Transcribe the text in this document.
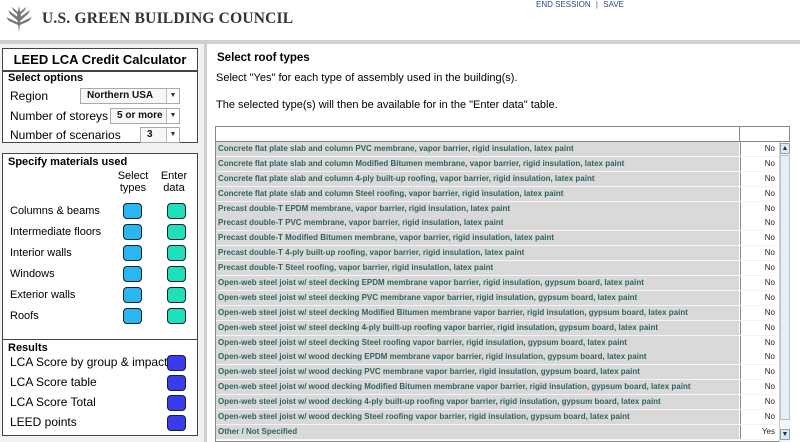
U.S. GREEN BUILDING COUNCIL
END SESSION | SAVE
LEED LCA Credit Calculator
Select options
Region	Northern USA	▼
Number of storeys 5 or more ▼
Number of scenarios	3	▼
Specify materials used
Select
types
Enter
data
Columns & beams
Intermediate floors
Interior walls
Windows
Exterior walls
Roofs
Results
LCA Score by group & impact
LCA Score table
LCA Score Total
LEED points
Select roof types
Select "Yes" for each type of assembly used in the building(s).
The selected type(s) will then be available for in the "Enter data" table.
Concrete flat plate slab and column PVC membrane, vapor barrier, rigid insulation, latex paint	No
Concrete flat plate slab and column Modified Bitumen membrane, vapor barrier, rigid insulation, latex paint	No
Concrete flat plate slab and column 4-ply built-up roofing, vapor barrier, rigid insulation, latex paint	No
Concrete flat plate slab and column Steel roofing, vapor barrier, rigid insulation, latex paint	No
Precast double-T EPDM membrane, vapor barrier, rigid insulation, latex paint	No
Precast double-T PVC membrane, vapor barrier, rigid insulation, latex paint	No
Precast double-T Modified Bitumen membrane, vapor barrier, rigid insulation, latex paint	No
Precast double-T 4-ply built-up roofing, vapor barrier, rigid insulation, latex paint	No
Precast double-T Steel roofing, vapor barrier, rigid insulation, latex paint	No
Open-web steel joist w/ steel decking EPDM membrane vapor barrier, rigid insulation, gypsum board, latex paint	No
Open-web steel joist w/ steel decking PVC membrane vapor barrier, rigid insulation, gypsum board, latex paint	No
Open-web steel joist w/ steel decking Modified Bitumen membrane vapor barrier, rigid insulation, gypsum board, latex paint	No
Open-web steel joist w/ steel decking 4-ply built-up roofing vapor barrier, rigid insulation, gypsum board, latex paint	No
Open-web steel joist w/ steel decking Steel roofing vapor barrier, rigid insulation, gypsum board, latex paint	No
Open-web steel joist w/ wood decking EPDM membrane vapor barrier, rigid insulation, gypsum board, latex paint	No
Open-web steel joist w/ wood decking PVC membrane vapor barrier, rigid insulation, gypsum board, latex paint	No
Open-web steel joist w/ wood decking Modified Bitumen membrane vapor barrier, rigid insulation, gypsum board, latex paint	No
Open-web steel joist w/ wood decking 4-ply built-up roofing vapor barrier, rigid insulation, gypsum board, latex paint	No
Open-web steel joist w/ wood decking Steel roofing vapor barrier, rigid insulation, gypsum board, latex paint	No
Other / Not Specified	Yes
▲
▼
